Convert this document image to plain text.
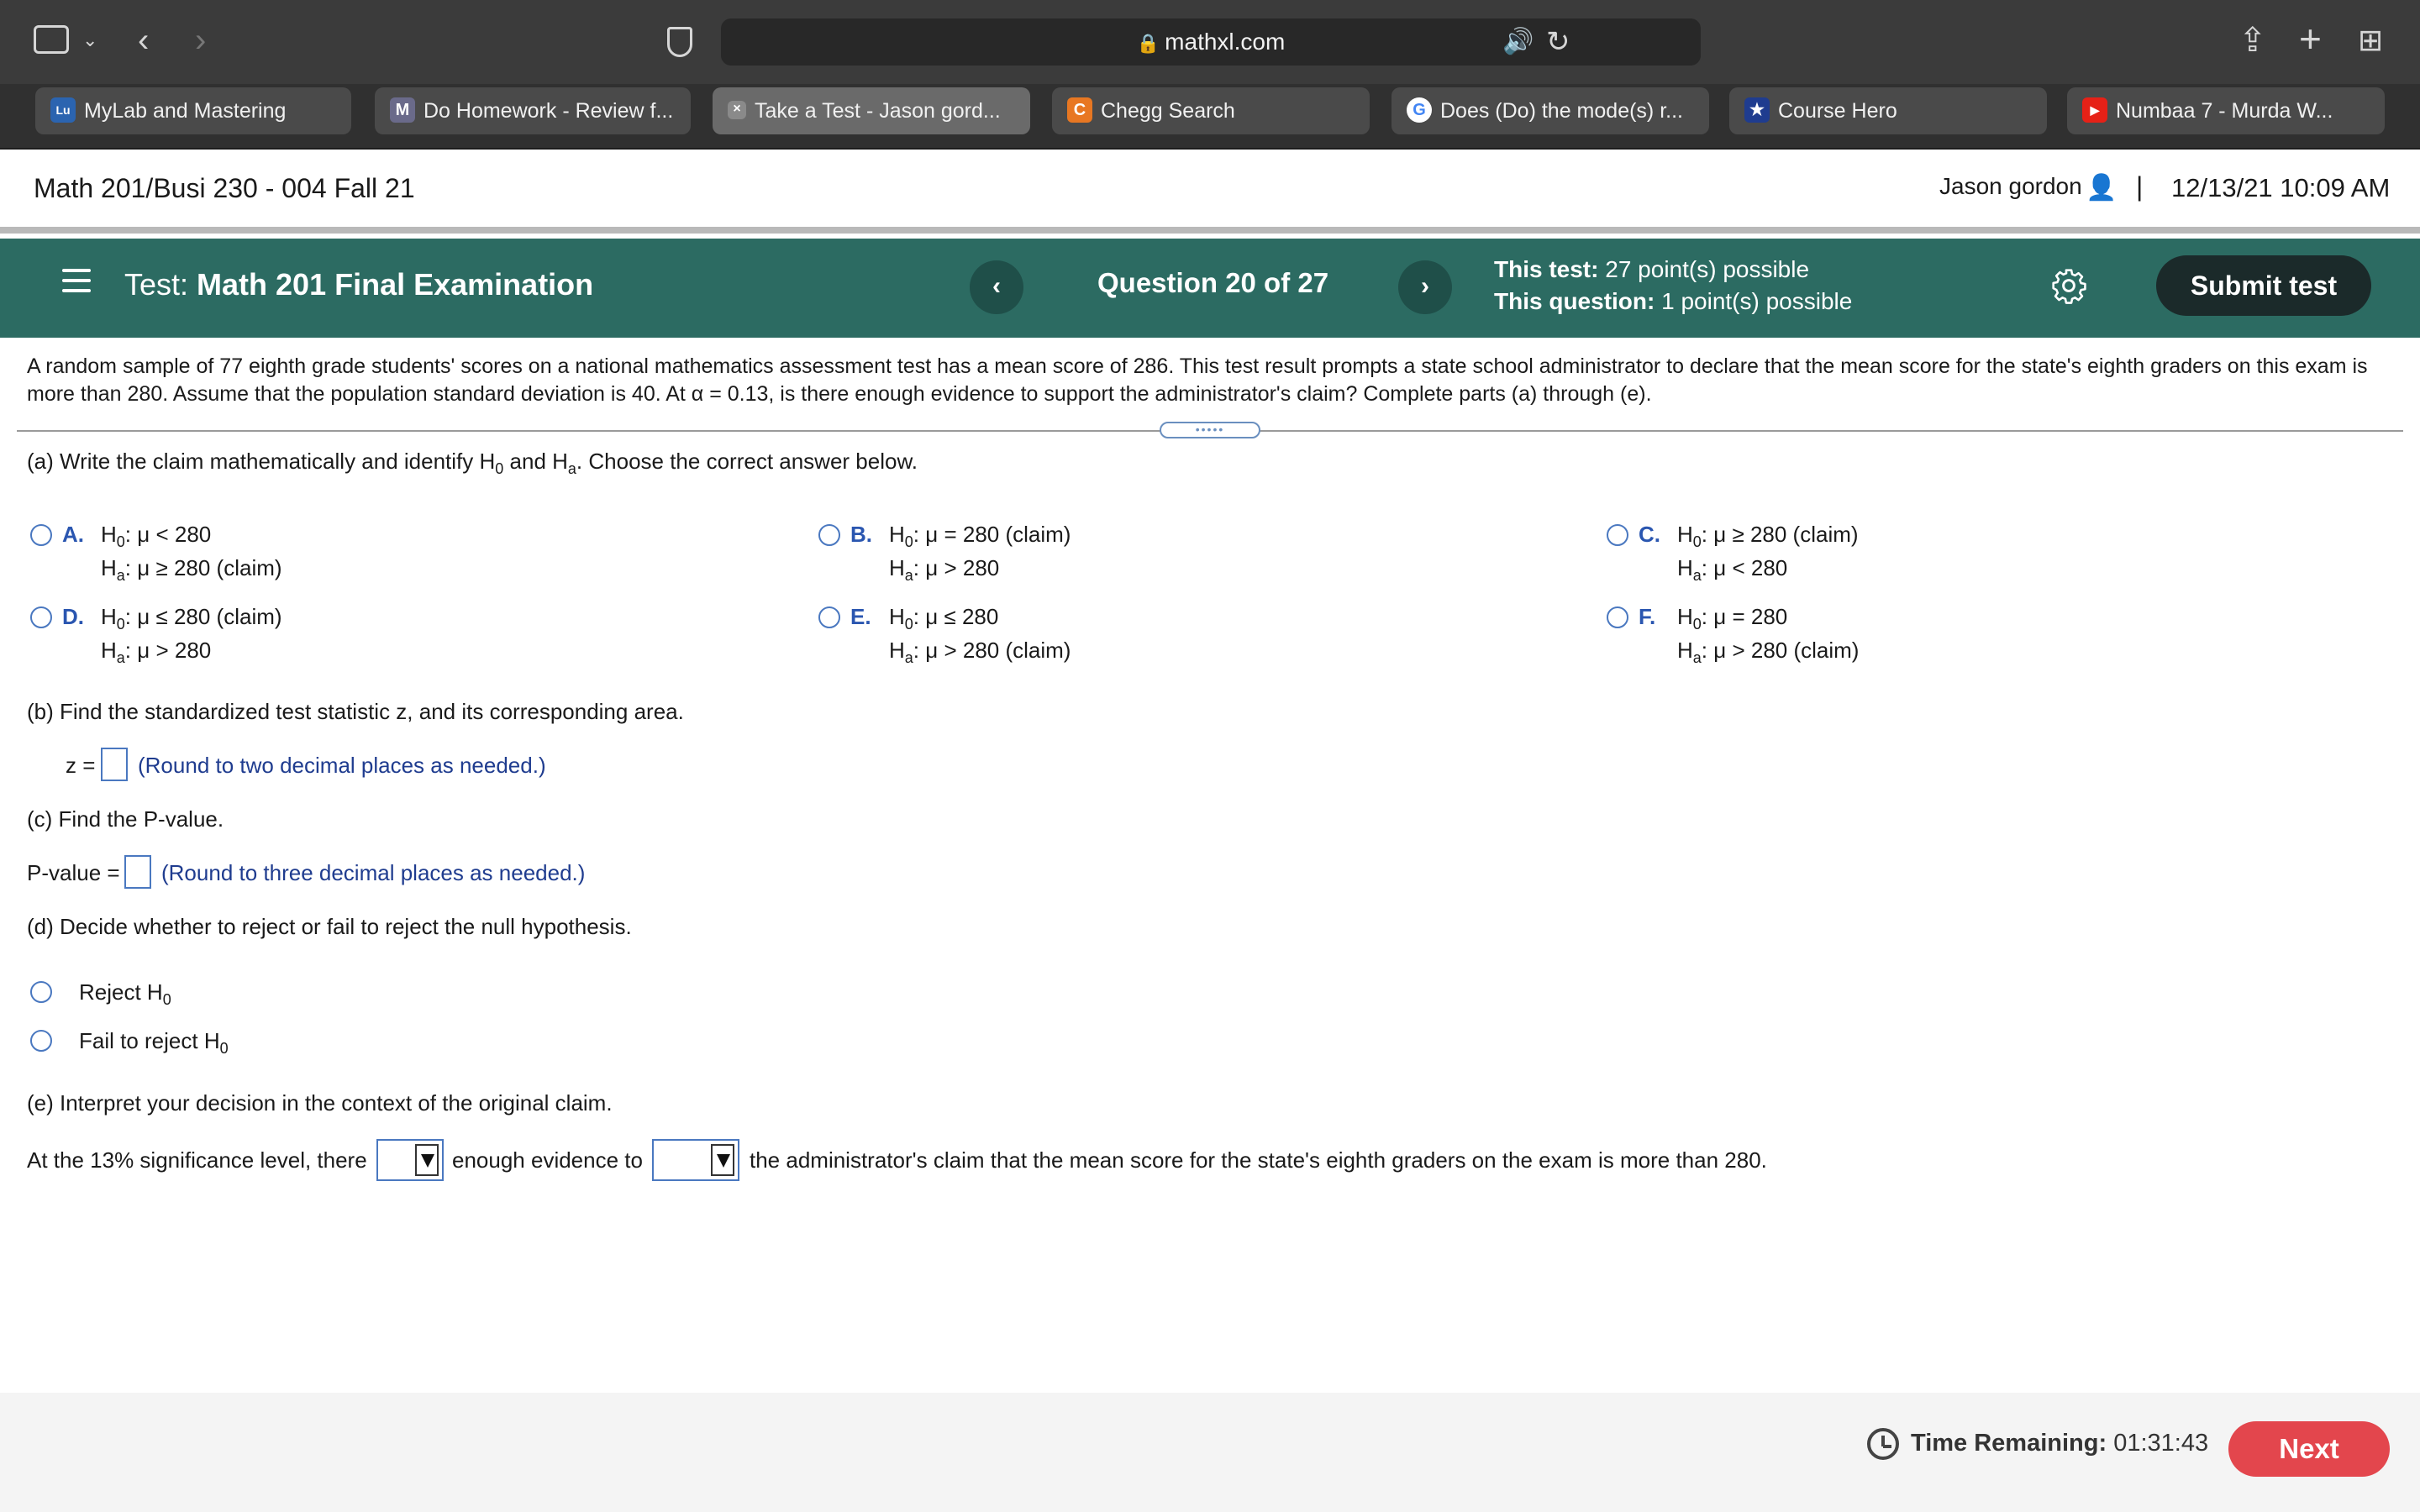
⌄ ‹ ›	🔒 mathxl.com	🔊 ↻	⇪ + ⊞
Lu MyLab and Mastering	M Do Homework - Review f...	× Take a Test - Jason gord...	C Chegg Search	G Does (Do) the mode(s) r...	★ Course Hero	▶ Numbaa 7 - Murda W...
Math 201/Busi 230 - 004 Fall 21	Jason gordon 👤 | 12/13/21 10:09 AM
Test: Math 201 Final Examination	‹	Question 20 of 27	›
This test: 27 point(s) possible
This question: 1 point(s) possible
Submit test
A random sample of 77 eighth grade students' scores on a national mathematics assessment test has a mean score of 286. This test result prompts a state school administrator to declare that the mean score for the state's eighth graders on this exam is more than 280. Assume that the population standard deviation is 40. At α = 0.13, is there enough evidence to support the administrator's claim? Complete parts (a) through (e).
•••••
(a) Write the claim mathematically and identify $H_0$ and $H_a$. Choose the correct answer below.
A. $H_0$: μ < 280
$H_a$: μ ≥ 280 (claim)
B. $H_0$: μ = 280 (claim)
$H_a$: μ > 280
C. $H_0$: μ ≥ 280 (claim)
$H_a$: μ < 280
D. $H_0$: μ ≤ 280 (claim)
$H_a$: μ > 280
E. $H_0$: μ ≤ 280
$H_a$: μ > 280 (claim)
F. $H_0$: μ = 280
$H_a$: μ > 280 (claim)
(b) Find the standardized test statistic z, and its corresponding area.
z = (Round to two decimal places as needed.)
(c) Find the P-value.
P-value = (Round to three decimal places as needed.)
(d) Decide whether to reject or fail to reject the null hypothesis.
Reject $H_0$
Fail to reject $H_0$
(e) Interpret your decision in the context of the original claim.
At the 13% significance level, there	enough evidence to	the administrator's claim that the mean score for the state's eighth graders on the exam is more than 280.
Time Remaining: 01:31:43	Next
